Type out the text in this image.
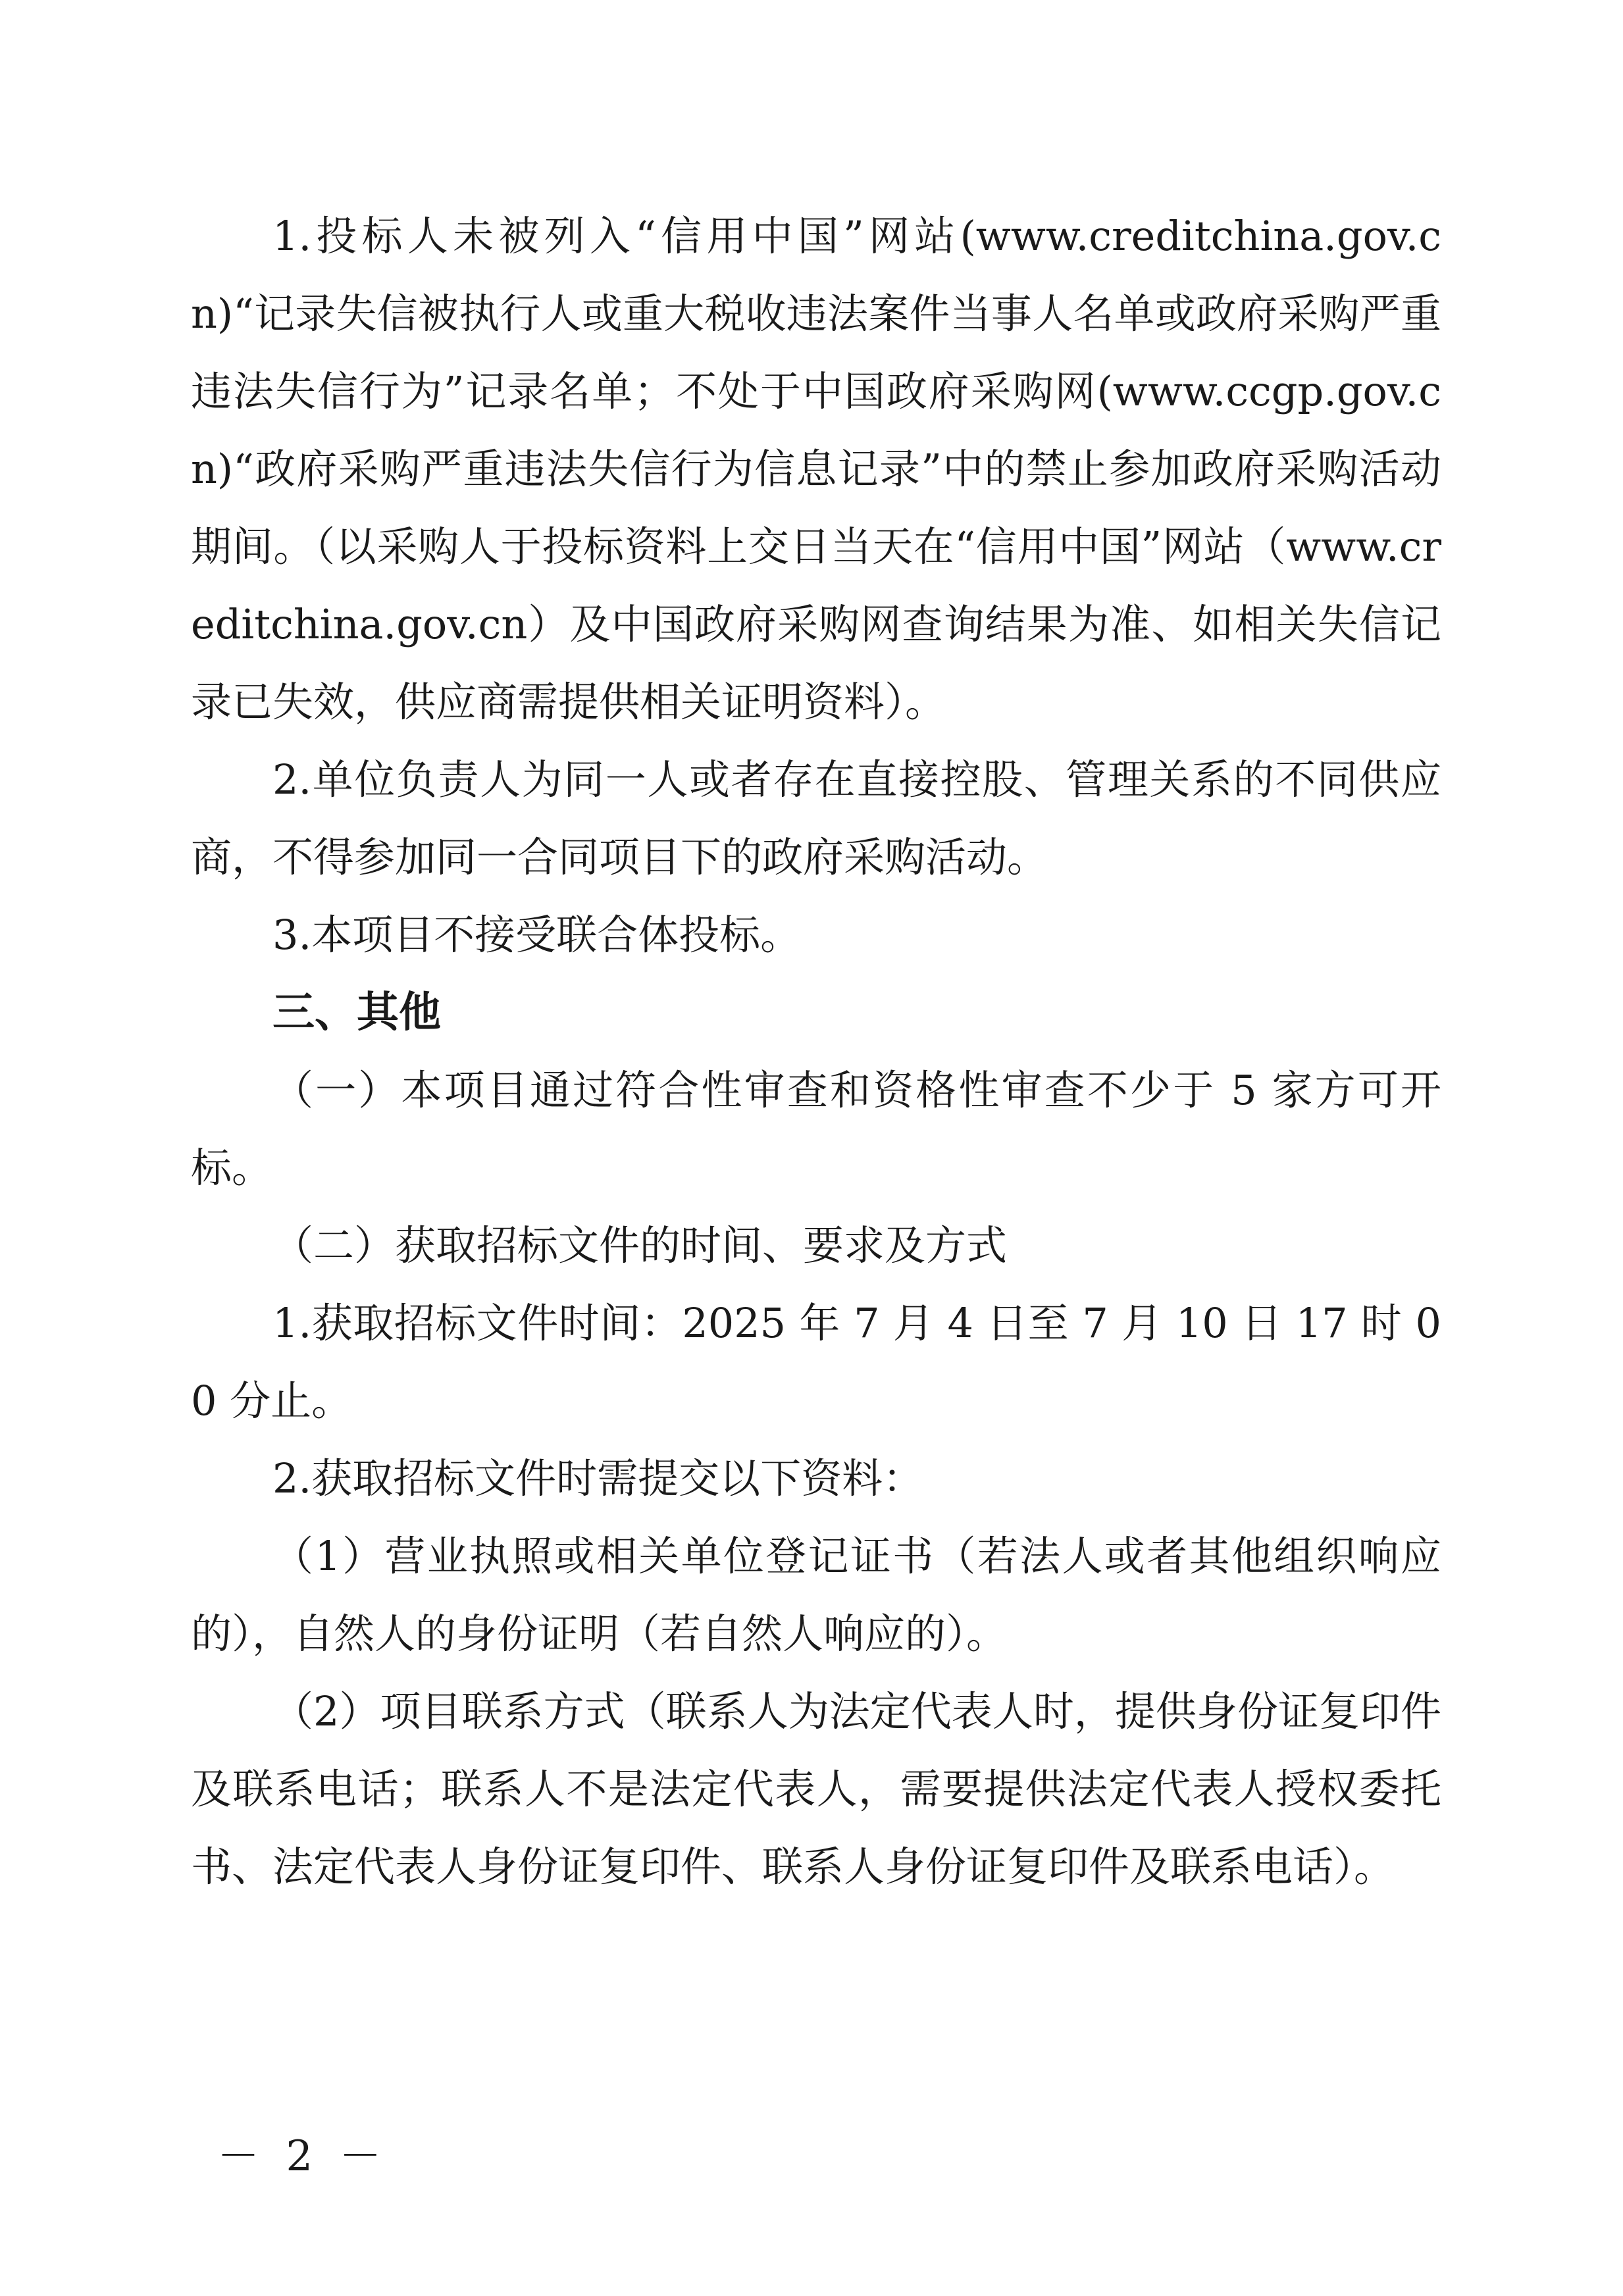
1.投标人未被列入“信用中国”网站(www.creditchina.gov.cn)“记录失信被执行人或重大税收违法案件当事人名单或政府采购严重违法失信行为”记录名单；不处于中国政府采购网(www.ccgp.gov.cn)“政府采购严重违法失信行为信息记录”中的禁止参加政府采购活动期间。（以采购人于投标资料上交日当天在“信用中国”网站（www.creditchina.gov.cn）及中国政府采购网查询结果为准、如相关失信记录已失效，供应商需提供相关证明资料）。

2.单位负责人为同一人或者存在直接控股、管理关系的不同供应商，不得参加同一合同项目下的政府采购活动。

3.本项目不接受联合体投标。

三、其他

（一）本项目通过符合性审查和资格性审查不少于 5 家方可开标。

（二）获取招标文件的时间、要求及方式

1.获取招标文件时间：2025 年 7 月 4 日至 7 月 10 日 17 时 00 分止。

2.获取招标文件时需提交以下资料：

（1）营业执照或相关单位登记证书（若法人或者其他组织响应的），自然人的身份证明（若自然人响应的）。

（2）项目联系方式（联系人为法定代表人时，提供身份证复印件及联系电话；联系人不是法定代表人，需要提供法定代表人授权委托书、法定代表人身份证复印件、联系人身份证复印件及联系电话）。

－ 2 －
